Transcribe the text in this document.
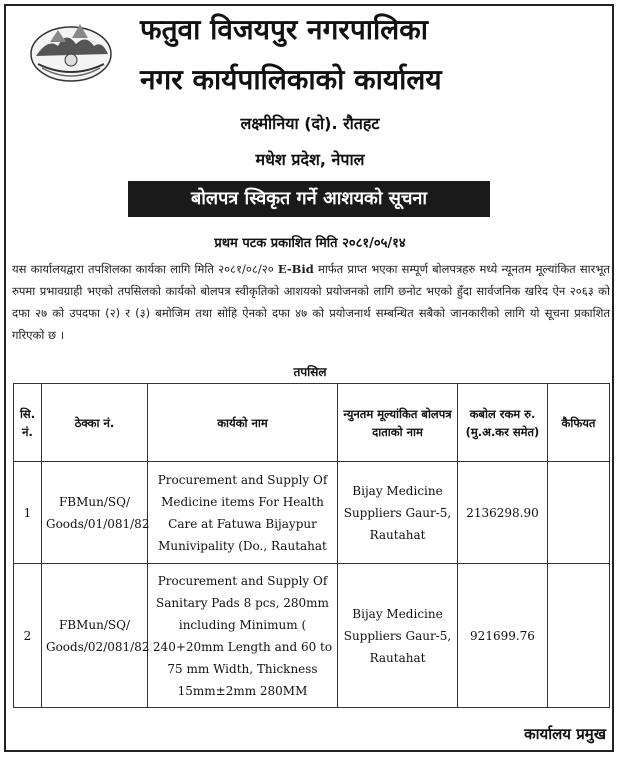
फतुवा विजयपुर नगरपालिका
नगर कार्यपालिकाको कार्यालय
लक्ष्मीनिया (दो). रौतहट
मधेश प्रदेश, नेपाल
बोलपत्र स्विकृत गर्ने आशयको सूचना
प्रथम पटक प्रकाशित मिति २०८१/०५/१४
यस कार्यालयद्वारा तपशिलका कार्यका लागि मिति २०८१/०८/२० E-Bid मार्फत प्राप्त भएका सम्पूर्ण बोलपत्रहरु मध्ये न्यूनतम मूल्यांकित सारभूत रुपमा प्रभावग्राही भएको तपसिलको कार्यको बोलपत्र स्वीकृतिको आशयको प्रयोजनको लागि छनोट भएको हुँदा सार्वजनिक खरिद ऐन २०६३ को दफा २७ को उपदफा (२) र (३) बमोजिम तथा सोहि ऐनको दफा ४७ को प्रयोजनार्थ सम्बन्धित सबैको जानकारीको लागि यो सूचना प्रकाशित गरिएको छ ।
तपसिल
सि. नं.	ठेक्का नं.	कार्यको नाम	न्युनतम मूल्यांकित बोलपत्र दाताको नाम	कबोल रकम रु. (मु.अ.कर समेत)	कैफियत
1	FBMun/SQ/ Goods/01/081/82	Procurement and Supply Of Medicine items For Health Care at Fatuwa Bijaypur Munivipality (Do., Rautahat	Bijay Medicine Suppliers Gaur-5, Rautahat	2136298.90	
2	FBMun/SQ/ Goods/02/081/82	Procurement and Supply Of Sanitary Pads 8 pcs, 280mm including Minimum ( 240+20mm Length and 60 to 75 mm Width, Thickness 15mm±2mm 280MM	Bijay Medicine Suppliers Gaur-5, Rautahat	921699.76	
कार्यालय प्रमुख
